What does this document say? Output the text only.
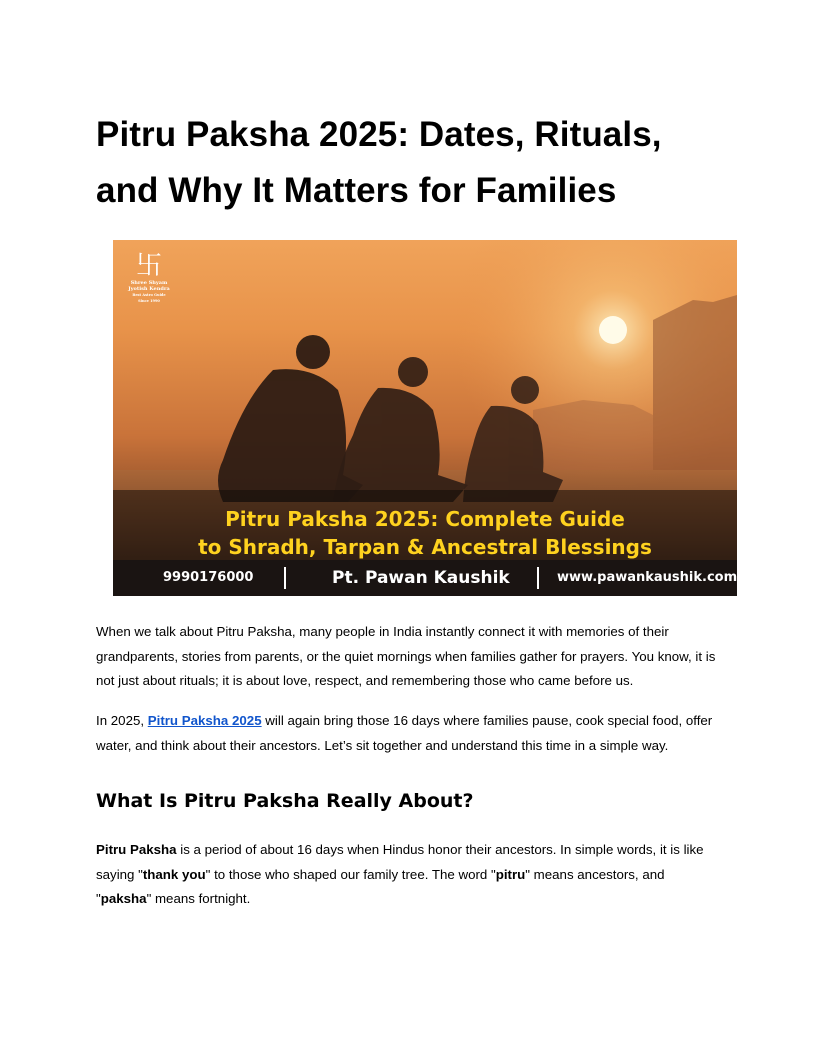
Pitru Paksha 2025: Dates, Rituals,
and Why It Matters for Families
卐
Shree Shyam
Jyotish Kendra
Best Astro Guide Since 1990
Pitru Paksha 2025: Complete Guide
to Shradh, Tarpan & Ancestral Blessings
9990176000	Pt. Pawan Kaushik	www.pawankaushik.com

When we talk about Pitru Paksha, many people in India instantly connect it with memories of their grandparents, stories from parents, or the quiet mornings when families gather for prayers. You know, it is not just about rituals; it is about love, respect, and remembering those who came before us.

In 2025, Pitru Paksha 2025 will again bring those 16 days where families pause, cook special food, offer water, and think about their ancestors. Let’s sit together and understand this time in a simple way.

What Is Pitru Paksha Really About?

Pitru Paksha is a period of about 16 days when Hindus honor their ancestors. In simple words, it is like saying "thank you" to those who shaped our family tree. The word "pitru" means ancestors, and "paksha" means fortnight.
